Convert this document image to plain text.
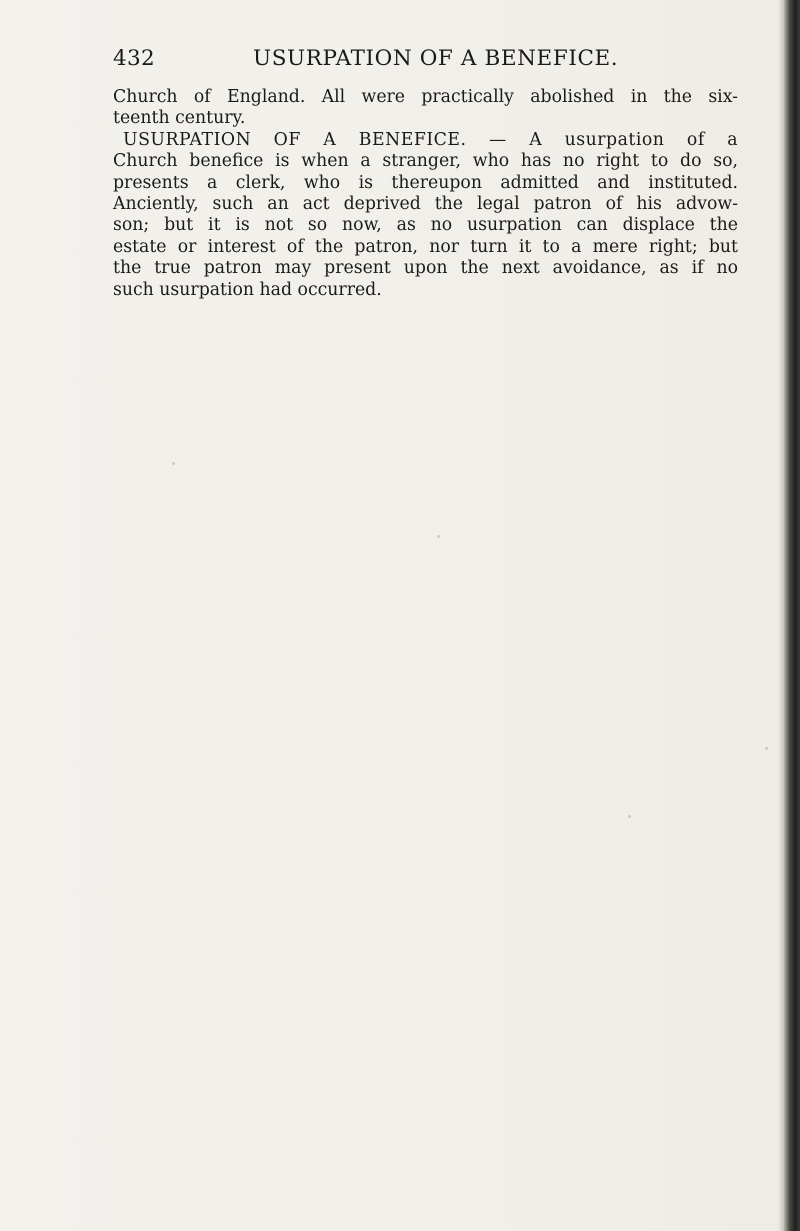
432	USURPATION OF A BENEFICE.
Church of England. All were practically abolished in the six-
teenth century.
USURPATION OF A BENEFICE. — A usurpation of a
Church benefice is when a stranger, who has no right to do so,
presents a clerk, who is thereupon admitted and instituted.
Anciently, such an act deprived the legal patron of his advow-
son; but it is not so now, as no usurpation can displace the
estate or interest of the patron, nor turn it to a mere right; but
the true patron may present upon the next avoidance, as if no
such usurpation had occurred.
